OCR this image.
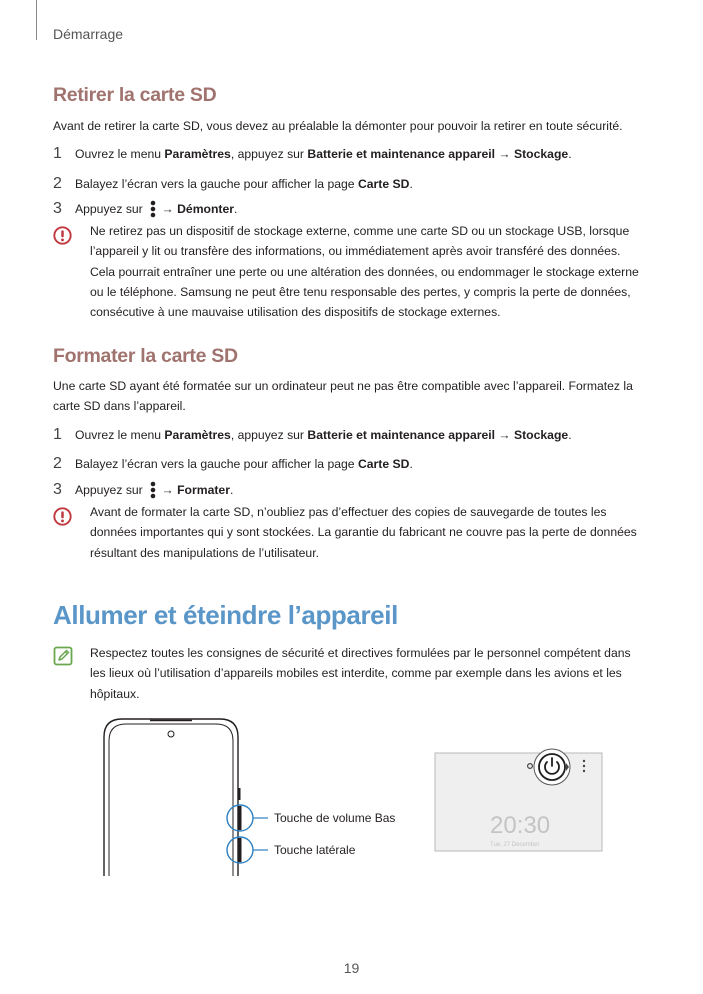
Démarrage
Retirer la carte SD
Avant de retirer la carte SD, vous devez au préalable la démonter pour pouvoir la retirer en toute sécurité.
1 Ouvrez le menu Paramètres, appuyez sur Batterie et maintenance appareil → Stockage.
2 Balayez l’écran vers la gauche pour afficher la page Carte SD.
3 Appuyez sur  → Démonter.
Ne retirez pas un dispositif de stockage externe, comme une carte SD ou un stockage USB, lorsque
l’appareil y lit ou transfère des informations, ou immédiatement après avoir transféré des données.
Cela pourrait entraîner une perte ou une altération des données, ou endommager le stockage externe
ou le téléphone. Samsung ne peut être tenu responsable des pertes, y compris la perte de données,
consécutive à une mauvaise utilisation des dispositifs de stockage externes.
Formater la carte SD
Une carte SD ayant été formatée sur un ordinateur peut ne pas être compatible avec l’appareil. Formatez la
carte SD dans l’appareil.
1 Ouvrez le menu Paramètres, appuyez sur Batterie et maintenance appareil → Stockage.
2 Balayez l’écran vers la gauche pour afficher la page Carte SD.
3 Appuyez sur  → Formater.
Avant de formater la carte SD, n’oubliez pas d’effectuer des copies de sauvegarde de toutes les
données importantes qui y sont stockées. La garantie du fabricant ne couvre pas la perte de données
résultant des manipulations de l’utilisateur.
Allumer et éteindre l’appareil
Respectez toutes les consignes de sécurité et directives formulées par le personnel compétent dans
les lieux où l’utilisation d’appareils mobiles est interdite, comme par exemple dans les avions et les
hôpitaux.
20:30
Tue, 27 December
Touche de volume Bas
Touche latérale
19
